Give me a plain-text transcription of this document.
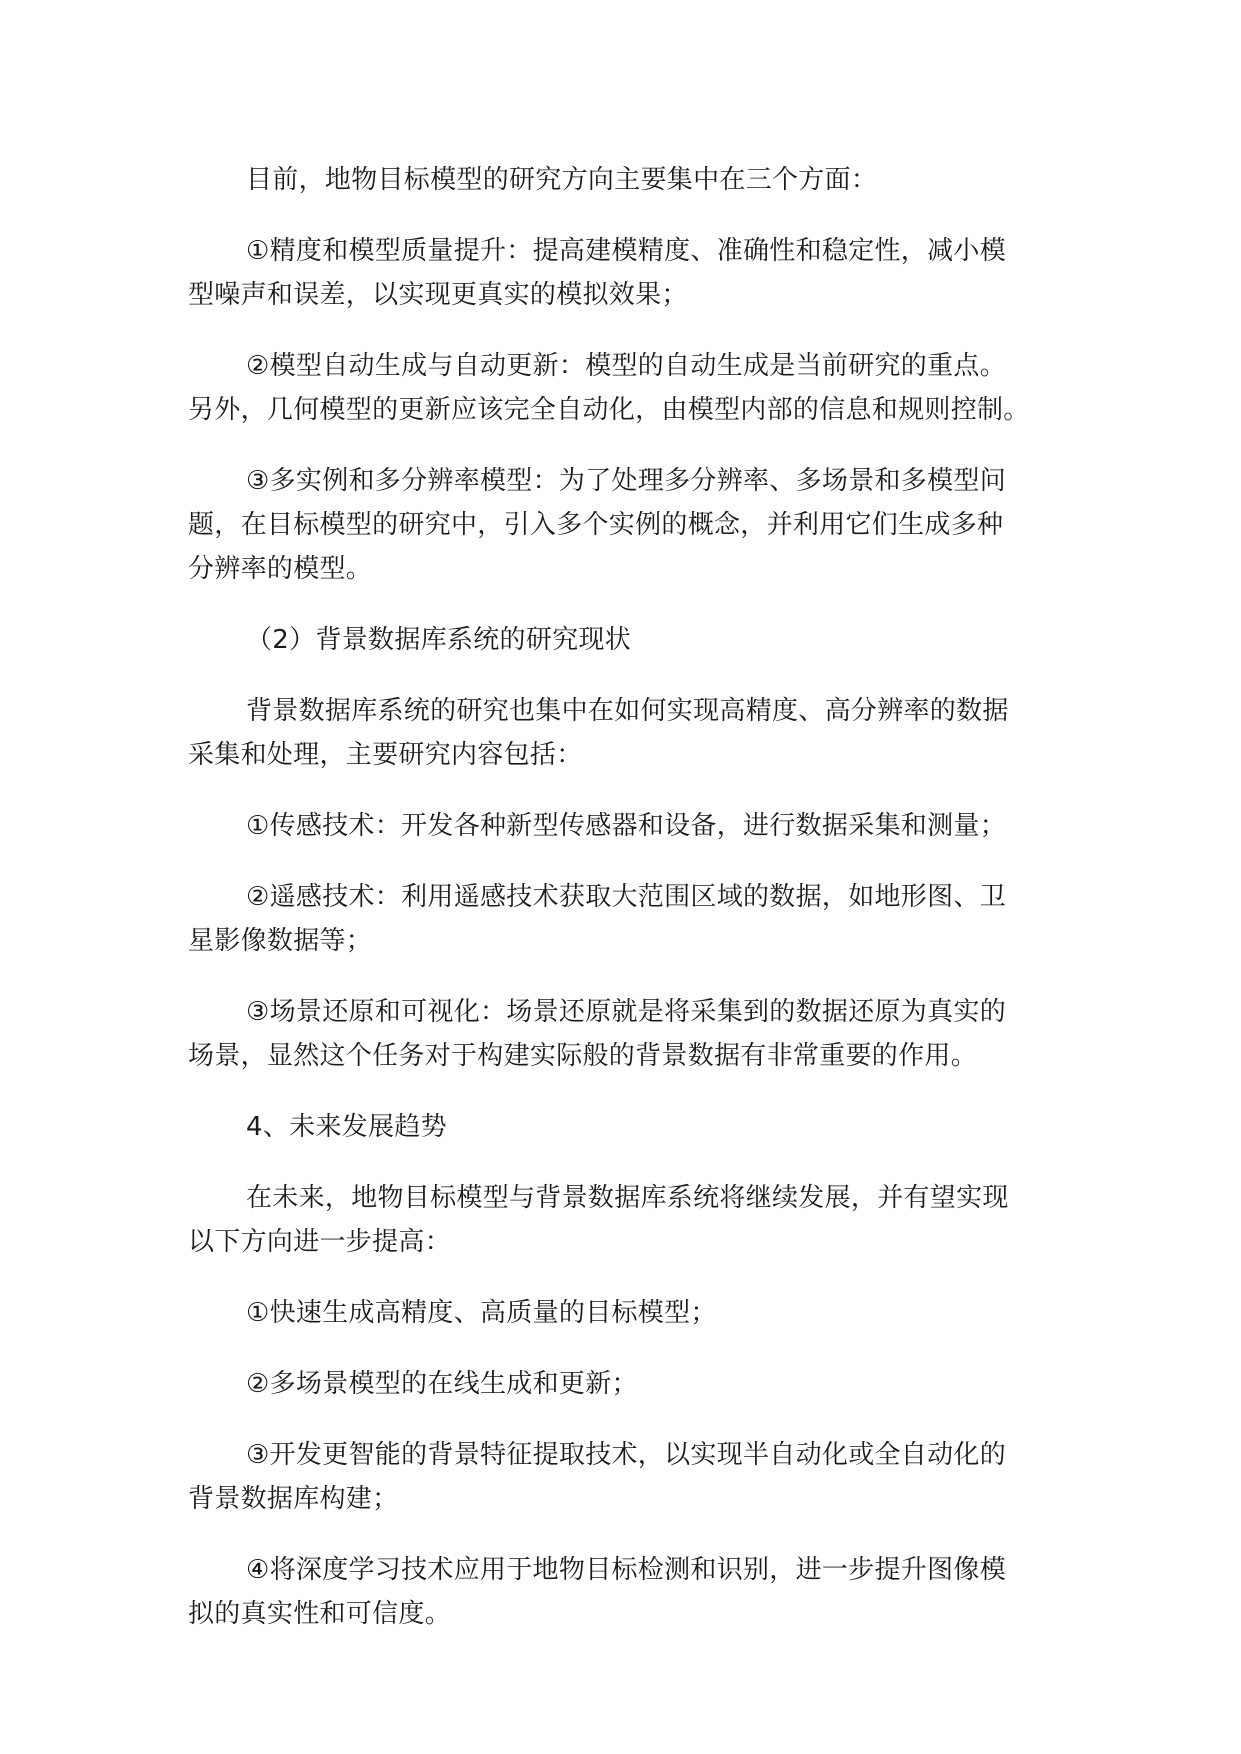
目前，地物目标模型的研究方向主要集中在三个方面：

①精度和模型质量提升：提高建模精度、准确性和稳定性，减小模
型噪声和误差，以实现更真实的模拟效果；

②模型自动生成与自动更新：模型的自动生成是当前研究的重点。
另外，几何模型的更新应该完全自动化，由模型内部的信息和规则控制。

③多实例和多分辨率模型：为了处理多分辨率、多场景和多模型问
题，在目标模型的研究中，引入多个实例的概念，并利用它们生成多种
分辨率的模型。

（2）背景数据库系统的研究现状

背景数据库系统的研究也集中在如何实现高精度、高分辨率的数据
采集和处理，主要研究内容包括：

①传感技术：开发各种新型传感器和设备，进行数据采集和测量；

②遥感技术：利用遥感技术获取大范围区域的数据，如地形图、卫
星影像数据等；

③场景还原和可视化：场景还原就是将采集到的数据还原为真实的
场景，显然这个任务对于构建实际般的背景数据有非常重要的作用。

4、未来发展趋势

在未来，地物目标模型与背景数据库系统将继续发展，并有望实现
以下方向进一步提高：

①快速生成高精度、高质量的目标模型；

②多场景模型的在线生成和更新；

③开发更智能的背景特征提取技术，以实现半自动化或全自动化的
背景数据库构建；

④将深度学习技术应用于地物目标检测和识别，进一步提升图像模
拟的真实性和可信度。
